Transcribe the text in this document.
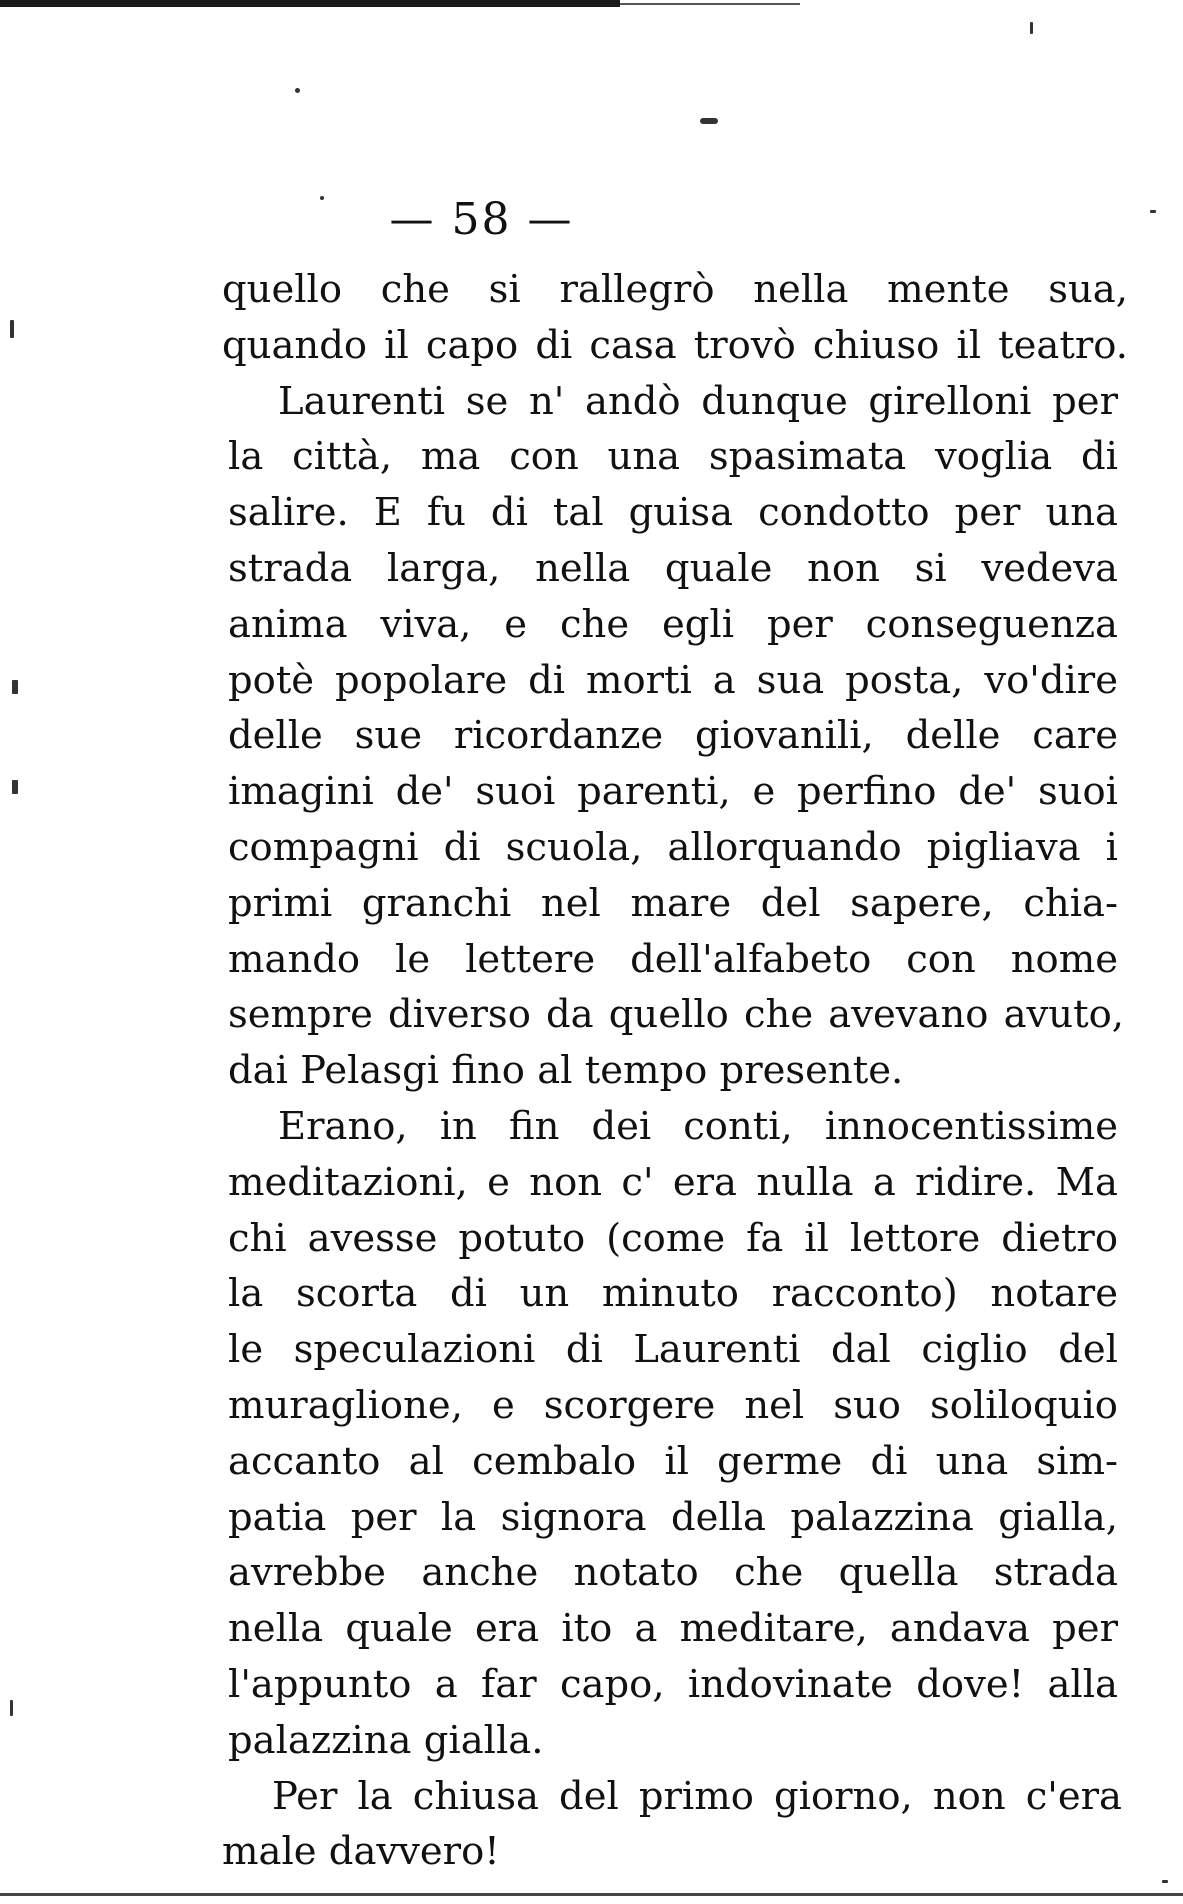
— 58 —

quello che si rallegrò nella mente sua,
quando il capo di casa trovò chiuso il teatro.

Laurenti se n' andò dunque girelloni per
la città, ma con una spasimata voglia di
salire. E fu di tal guisa condotto per una
strada larga, nella quale non si vedeva
anima viva, e che egli per conseguenza
potè popolare di morti a sua posta, vo'dire
delle sue ricordanze giovanili, delle care
imagini de' suoi parenti, e perfino de' suoi
compagni di scuola, allorquando pigliava i
primi granchi nel mare del sapere, chia-
mando le lettere dell'alfabeto con nome
sempre diverso da quello che avevano avuto,
dai Pelasgi fino al tempo presente.

Erano, in fin dei conti, innocentissime
meditazioni, e non c' era nulla a ridire. Ma
chi avesse potuto (come fa il lettore dietro
la scorta di un minuto racconto) notare
le speculazioni di Laurenti dal ciglio del
muraglione, e scorgere nel suo soliloquio
accanto al cembalo il germe di una sim-
patia per la signora della palazzina gialla,
avrebbe anche notato che quella strada
nella quale era ito a meditare, andava per
l'appunto a far capo, indovinate dove! alla
palazzina gialla.

Per la chiusa del primo giorno, non c'era
male davvero!
